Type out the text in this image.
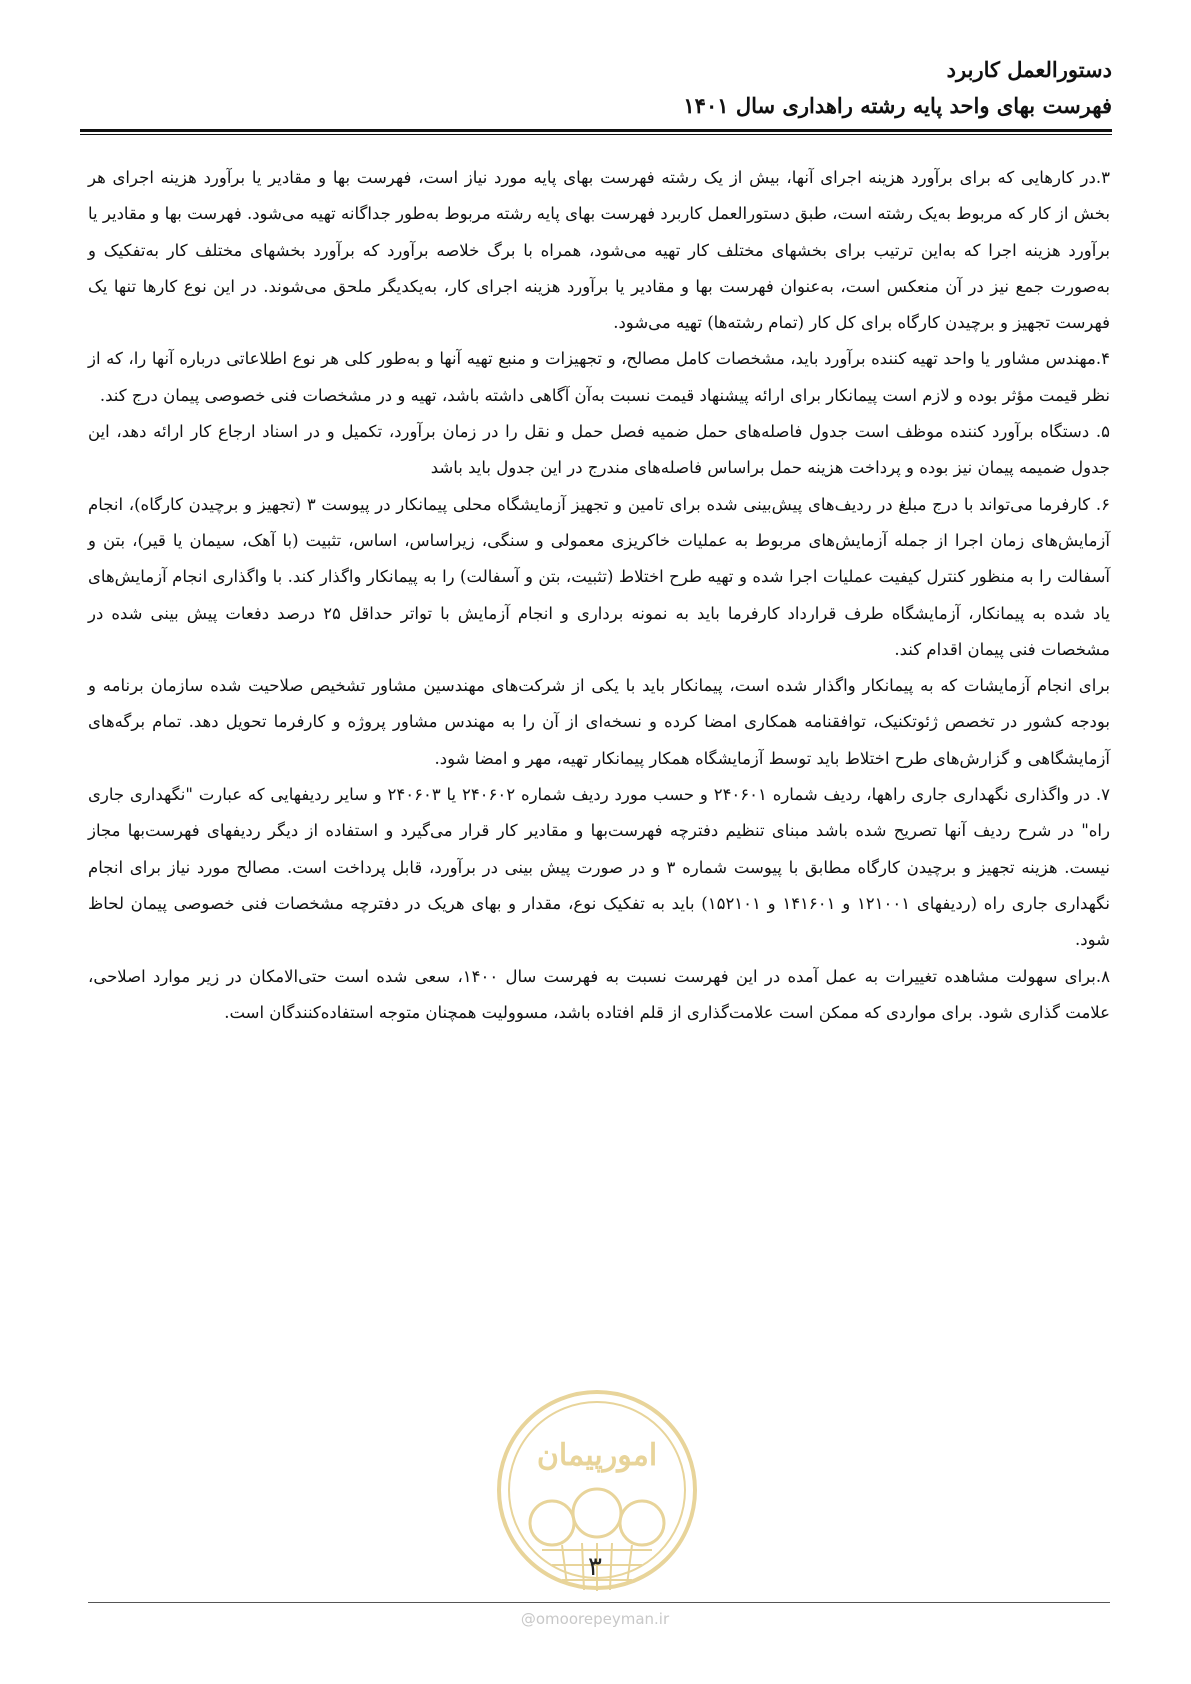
دستورالعمل کاربرد
فهرست بهای واحد پایه رشته راهداری سال ۱۴۰۱

۳.در کارهایی که برای برآورد هزینه اجرای آنها، بیش از یک رشته فهرست بهای پایه مورد نیاز است، فهرست بها و مقادیر یا برآورد هزینه اجرای هر بخش از کار که مربوط به‌یک رشته است، طبق دستورالعمل کاربرد فهرست بهای پایه رشته مربوط به‌طور جداگانه تهیه می‌شود. فهرست بها و مقادیر یا برآورد هزینه اجرا که به‌این ترتیب برای بخشهای مختلف کار تهیه می‌شود، همراه با برگ خلاصه برآورد که برآورد بخشهای مختلف کار به‌تفکیک و به‌صورت جمع نیز در آن منعکس است، به‌عنوان فهرست بها و مقادیر یا برآورد هزینه اجرای کار، به‌یکدیگر ملحق می‌شوند. در این نوع کارها تنها یک فهرست تجهیز و برچیدن کارگاه برای کل کار (تمام رشته‌ها) تهیه می‌شود.

۴.مهندس مشاور یا واحد تهیه کننده برآورد باید، مشخصات کامل مصالح، و تجهیزات و منبع تهیه آنها و به‌طور کلی هر نوع اطلاعاتی درباره آنها را، که از نظر قیمت مؤثر بوده و لازم است پیمانکار برای ارائه پیشنهاد قیمت نسبت به‌آن آگاهی داشته باشد، تهیه و در مشخصات فنی خصوصی پیمان درج کند.

۵. دستگاه برآورد کننده موظف است جدول فاصله‌های حمل ضمیه فصل حمل و نقل را در زمان برآورد، تکمیل و در اسناد ارجاع کار ارائه دهد، این جدول ضمیمه پیمان نیز بوده و پرداخت هزینه حمل براساس فاصله‌های مندرج در این جدول باید باشد

۶. کارفرما می‌تواند با درج مبلغ در ردیف‌های پیش‌بینی شده برای تامین و تجهیز آزمایشگاه محلی پیمانکار در پیوست ۳ (تجهیز و برچیدن کارگاه)، انجام آزمایش‌های زمان اجرا از جمله آزمایش‌های مربوط به عملیات خاکریزی معمولی و سنگی، زیراساس، اساس، تثبیت (با آهک، سیمان یا قیر)، بتن و آسفالت را به منظور کنترل کیفیت عملیات اجرا شده و تهیه طرح اختلاط (تثبیت، بتن و آسفالت) را به پیمانکار واگذار کند. با واگذاری انجام آزمایش‌های یاد شده به پیمانکار، آزمایشگاه طرف قرارداد کارفرما باید به نمونه برداری و انجام آزمایش با تواتر حداقل ۲۵ درصد دفعات پیش بینی شده در مشخصات فنی پیمان اقدام کند.

برای انجام آزمایشات که به پیمانکار واگذار شده است، پیمانکار باید با یکی از شرکت‌های مهندسین مشاور تشخیص صلاحیت شده سازمان برنامه و بودجه کشور در تخصص ژئوتکنیک، توافقنامه همکاری امضا کرده و نسخه‌ای از آن را به مهندس مشاور پروژه و کارفرما تحویل دهد. تمام برگه‌های آزمایشگاهی و گزارش‌های طرح اختلاط باید توسط آزمایشگاه همکار پیمانکار تهیه، مهر و امضا شود.

۷. در واگذاری نگهداری جاری راهها، ردیف شماره ۲۴۰۶۰۱ و حسب مورد ردیف شماره ۲۴۰۶۰۲ یا ۲۴۰۶۰۳ و سایر ردیفهایی که عبارت "نگهداری جاری راه" در شرح ردیف آنها تصریح شده باشد مبنای تنظیم دفترچه فهرست‌بها و مقادیر کار قرار می‌گیرد و استفاده از دیگر ردیفهای فهرست‌بها مجاز نیست. هزینه تجهیز و برچیدن کارگاه مطابق با پیوست شماره ۳ و در صورت پیش بینی در برآورد، قابل پرداخت است. مصالح مورد نیاز برای انجام نگهداری جاری راه (ردیفهای ۱۲۱۰۰۱ و ۱۴۱۶۰۱ و ۱۵۲۱۰۱) باید به تفکیک نوع، مقدار و بهای هریک در دفترچه مشخصات فنی خصوصی پیمان لحاظ شود.

۸.برای سهولت مشاهده تغییرات به عمل آمده در این فهرست نسبت به فهرست سال ۱۴۰۰، سعی شده است حتی‌الامکان در زیر موارد اصلاحی، علامت گذاری شود. برای مواردی که ممکن است علامت‌گذاری از قلم افتاده باشد، مسوولیت همچنان متوجه استفاده‌کنندگان است.

امورپیمان
۳
@omoorepeyman.ir
